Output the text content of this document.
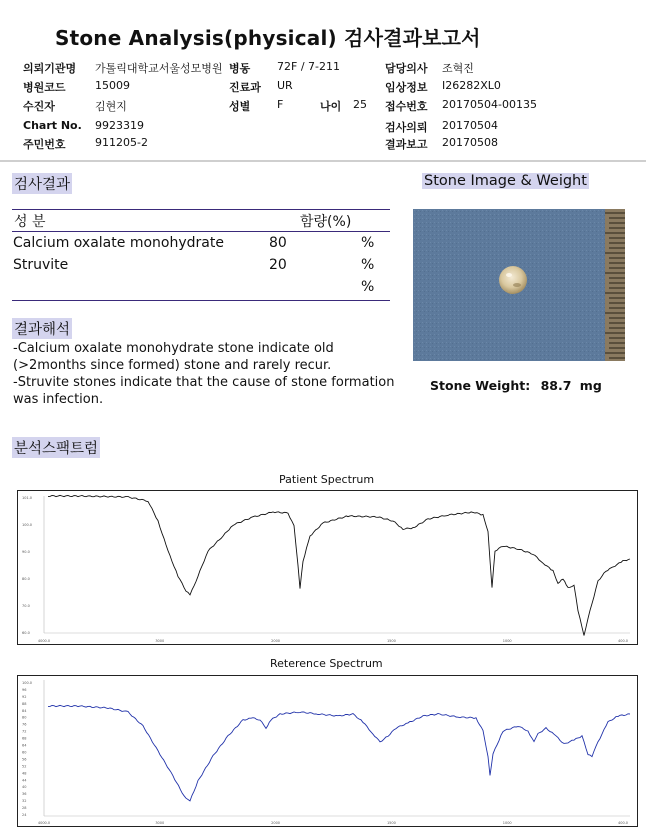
Stone Analysis(physical) 검사결과보고서
의뢰기관명 가톨릭대학교서울성모병원
병원코드	15009
수진자	김현지
Chart No. 9923319
주민번호	911205-2
병동 72F / 7-211
진료과 UR
성별 F	나이 25
담당의사 조혁진
임상정보 I26282XL0
접수번호 20170504-00135
검사의뢰 20170504
결과보고 20170508
검사결과
성 분	함량(%)
Calcium oxalate monohydrate	80	%
Struvite	20	%
%
결과해석
-Calcium oxalate monohydrate stone indicate old
(>2months since formed) stone and rarely recur.
-Struvite stones indicate that the cause of stone formation
was infection.
Stone Image & Weight
Stone Weight: 88.7 mg
분석스팩트럼
Patient Spectrum
4000.0	3000	2000	1500	1000	400.0
101.0
100.0
90.0
80.0
70.0
60.0
Reterence Spectrum
4000.0	3000	2000	1500	1000	400.0
100.0
96
92
88
84
80
76
72
68
64
60
56
52
48
44
40
36
32
28
24
